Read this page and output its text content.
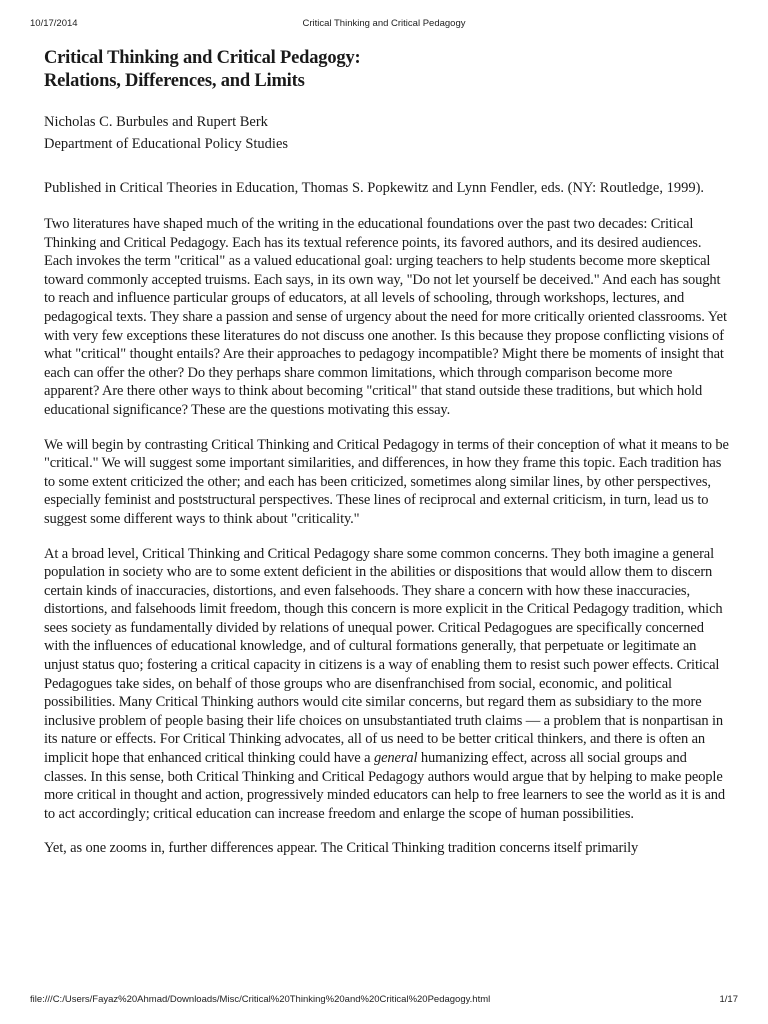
10/17/2014	Critical Thinking and Critical Pedagogy
Critical Thinking and Critical Pedagogy:
Relations, Differences, and Limits
Nicholas C. Burbules and Rupert Berk
Department of Educational Policy Studies
Published in Critical Theories in Education, Thomas S. Popkewitz and Lynn Fendler, eds. (NY: Routledge, 1999).

Two literatures have shaped much of the writing in the educational foundations over the past two decades: Critical Thinking and Critical Pedagogy. Each has its textual reference points, its favored authors, and its desired audiences. Each invokes the term "critical" as a valued educational goal: urging teachers to help students become more skeptical toward commonly accepted truisms. Each says, in its own way, "Do not let yourself be deceived." And each has sought to reach and influence particular groups of educators, at all levels of schooling, through workshops, lectures, and pedagogical texts. They share a passion and sense of urgency about the need for more critically oriented classrooms. Yet with very few exceptions these literatures do not discuss one another. Is this because they propose conflicting visions of what "critical" thought entails? Are their approaches to pedagogy incompatible? Might there be moments of insight that each can offer the other? Do they perhaps share common limitations, which through comparison become more apparent? Are there other ways to think about becoming "critical" that stand outside these traditions, but which hold educational significance? These are the questions motivating this essay.

We will begin by contrasting Critical Thinking and Critical Pedagogy in terms of their conception of what it means to be "critical." We will suggest some important similarities, and differences, in how they frame this topic. Each tradition has to some extent criticized the other; and each has been criticized, sometimes along similar lines, by other perspectives, especially feminist and poststructural perspectives. These lines of reciprocal and external criticism, in turn, lead us to suggest some different ways to think about "criticality."

At a broad level, Critical Thinking and Critical Pedagogy share some common concerns. They both imagine a general population in society who are to some extent deficient in the abilities or dispositions that would allow them to discern certain kinds of inaccuracies, distortions, and even falsehoods. They share a concern with how these inaccuracies, distortions, and falsehoods limit freedom, though this concern is more explicit in the Critical Pedagogy tradition, which sees society as fundamentally divided by relations of unequal power. Critical Pedagogues are specifically concerned with the influences of educational knowledge, and of cultural formations generally, that perpetuate or legitimate an unjust status quo; fostering a critical capacity in citizens is a way of enabling them to resist such power effects. Critical Pedagogues take sides, on behalf of those groups who are disenfranchised from social, economic, and political possibilities. Many Critical Thinking authors would cite similar concerns, but regard them as subsidiary to the more inclusive problem of people basing their life choices on unsubstantiated truth claims — a problem that is nonpartisan in its nature or effects. For Critical Thinking advocates, all of us need to be better critical thinkers, and there is often an implicit hope that enhanced critical thinking could have a general humanizing effect, across all social groups and classes. In this sense, both Critical Thinking and Critical Pedagogy authors would argue that by helping to make people more critical in thought and action, progressively minded educators can help to free learners to see the world as it is and to act accordingly; critical education can increase freedom and enlarge the scope of human possibilities.

Yet, as one zooms in, further differences appear. The Critical Thinking tradition concerns itself primarily

file:///C:/Users/Fayaz%20Ahmad/Downloads/Misc/Critical%20Thinking%20and%20Critical%20Pedagogy.html	1/17
